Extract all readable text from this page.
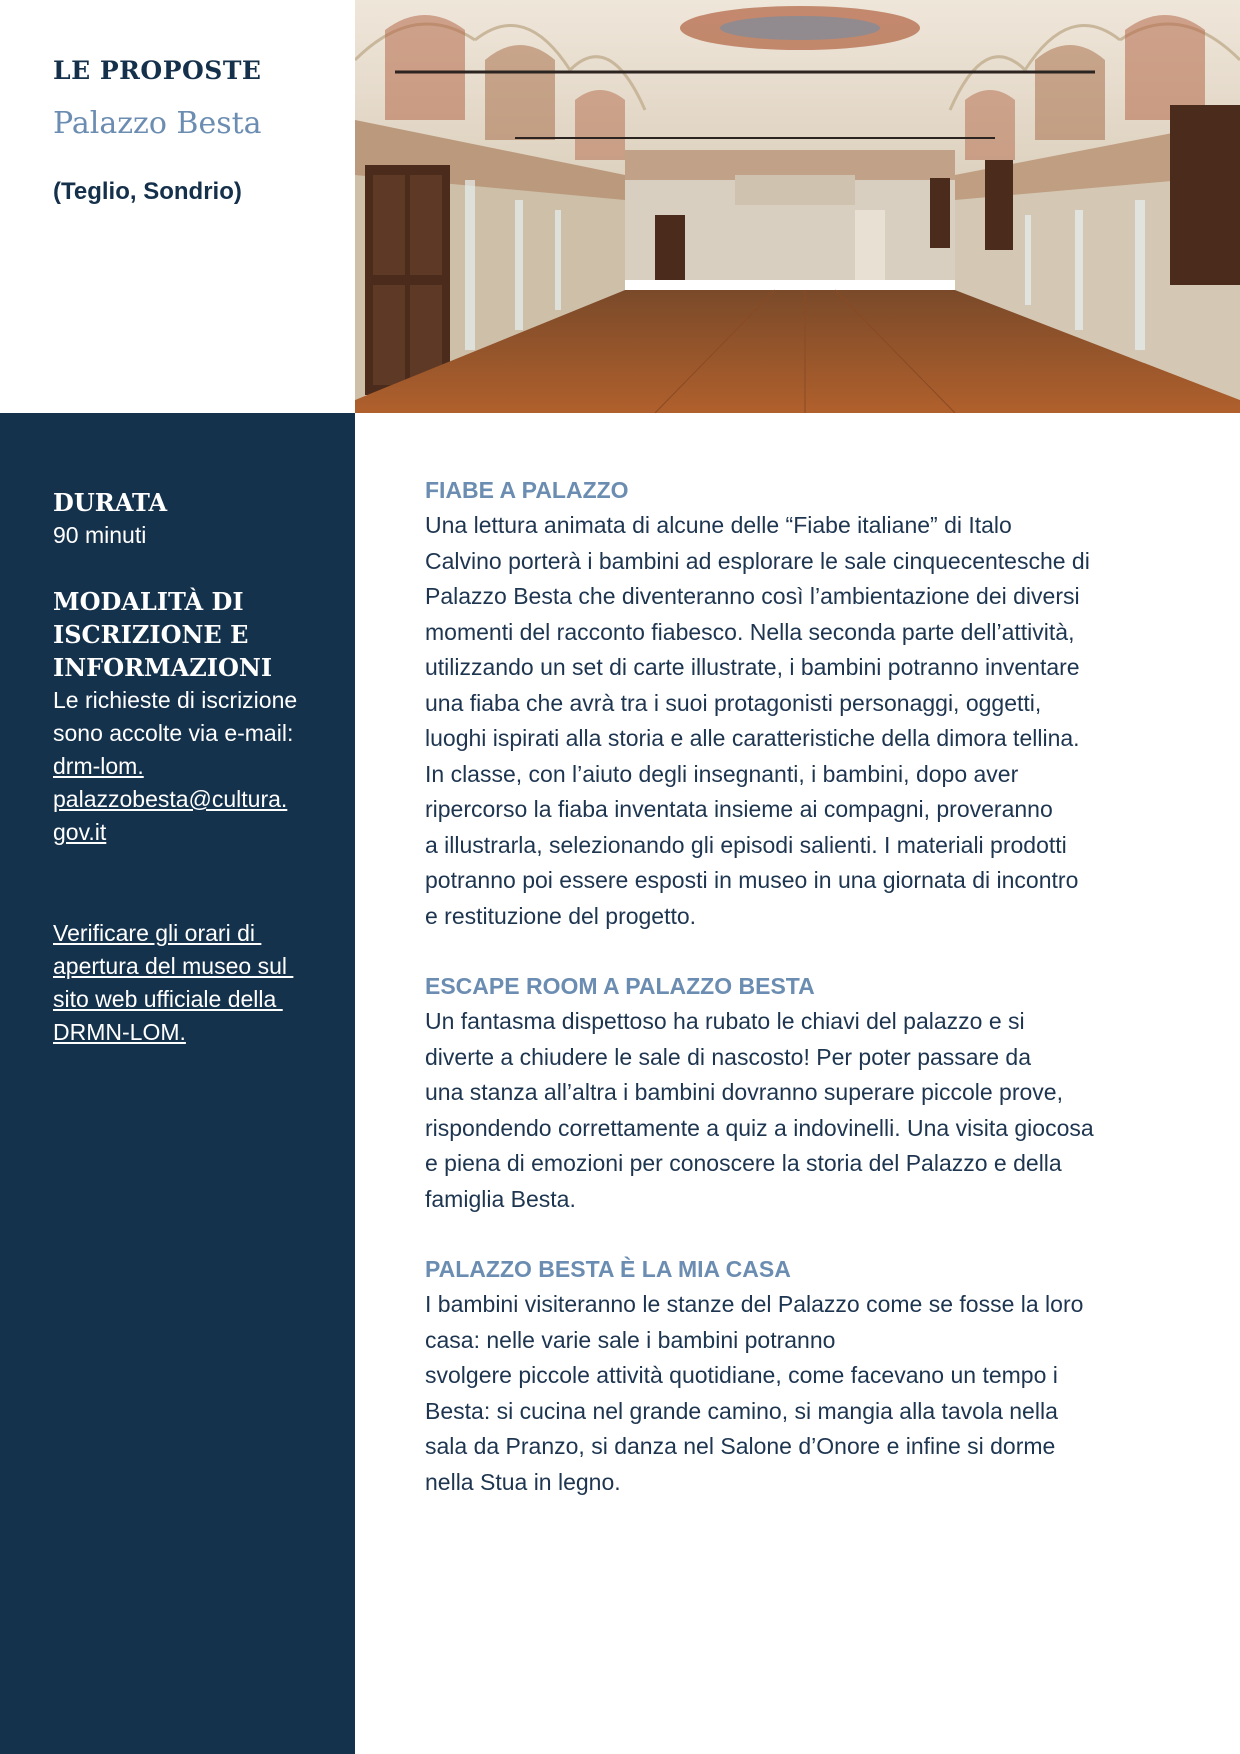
LE PROPOSTE
Palazzo Besta

(Teglio, Sondrio)

DURATA

90 minuti

MODALITÀ DI
ISCRIZIONE E
INFORMAZIONI

Le richieste di iscrizione
sono accolte via e-mail:

drm-lom.
palazzobesta@cultura.
gov.it
Verificare gli orari di
apertura del museo sul
sito web ufficiale della
DRMN-LOM.
FIABE A PALAZZO

Una lettura animata di alcune delle “Fiabe italiane” di Italo
Calvino porterà i bambini ad esplorare le sale cinquecentesche di
Palazzo Besta che diventeranno così l’ambientazione dei diversi
momenti del racconto fiabesco. Nella seconda parte dell’attività,
utilizzando un set di carte illustrate, i bambini potranno inventare
una fiaba che avrà tra i suoi protagonisti personaggi, oggetti,
luoghi ispirati alla storia e alle caratteristiche della dimora tellina.
In classe, con l’aiuto degli insegnanti, i bambini, dopo aver
ripercorso la fiaba inventata insieme ai compagni, proveranno
a illustrarla, selezionando gli episodi salienti. I materiali prodotti
potranno poi essere esposti in museo in una giornata di incontro
e restituzione del progetto.

ESCAPE ROOM A PALAZZO BESTA

Un fantasma dispettoso ha rubato le chiavi del palazzo e si
diverte a chiudere le sale di nascosto! Per poter passare da
una stanza all’altra i bambini dovranno superare piccole prove,
rispondendo correttamente a quiz a indovinelli. Una visita giocosa
e piena di emozioni per conoscere la storia del Palazzo e della
famiglia Besta.

PALAZZO BESTA È LA MIA CASA

I bambini visiteranno le stanze del Palazzo come se fosse la loro
casa: nelle varie sale i bambini potranno
svolgere piccole attività quotidiane, come facevano un tempo i
Besta: si cucina nel grande camino, si mangia alla tavola nella
sala da Pranzo, si danza nel Salone d’Onore e infine si dorme
nella Stua in legno.
